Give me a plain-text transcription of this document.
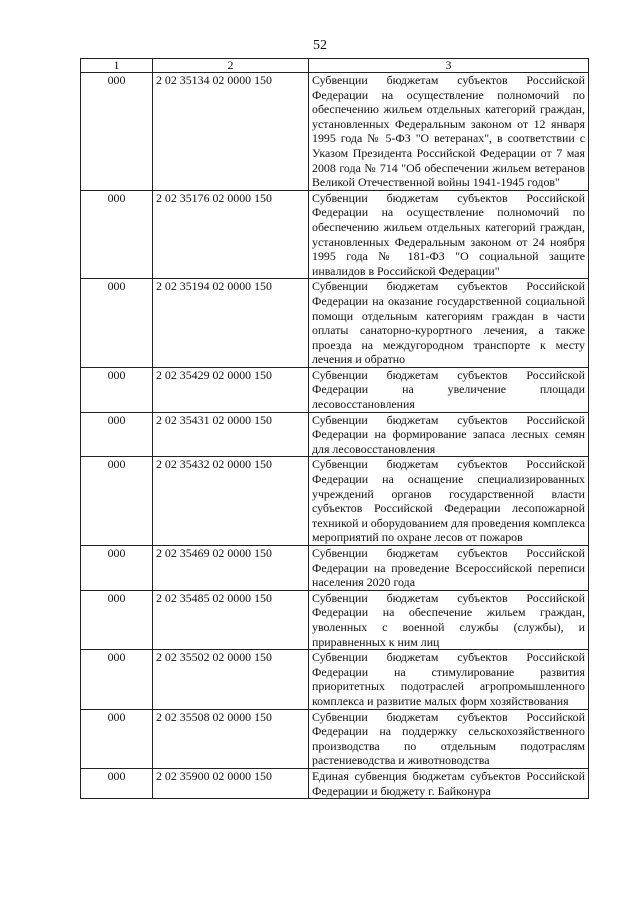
52
1	2	3
000	2 02 35134 02 0000 150	Субвенции бюджетам субъектов Российской Федерации на осуществление полномочий по обеспечению жильем отдельных категорий граждан, установленных Федеральным законом от 12 января 1995 года № 5-ФЗ "О ветеранах", в соответствии с Указом Президента Российской Федерации от 7 мая 2008 года № 714 "Об обеспечении жильем ветеранов Великой Отечественной войны 1941-1945 годов"
000	2 02 35176 02 0000 150	Субвенции бюджетам субъектов Российской Федерации на осуществление полномочий по обеспечению жильем отдельных категорий граждан, установленных Федеральным законом от 24 ноября 1995 года № 181-ФЗ "О социальной защите инвалидов в Российской Федерации"
000	2 02 35194 02 0000 150	Субвенции бюджетам субъектов Российской Федерации на оказание государственной социальной помощи отдельным категориям граждан в части оплаты санаторно-курортного лечения, а также проезда на междугородном транспорте к месту лечения и обратно
000	2 02 35429 02 0000 150	Субвенции бюджетам субъектов Российской Федерации на увеличение площади лесовосстановления
000	2 02 35431 02 0000 150	Субвенции бюджетам субъектов Российской Федерации на формирование запаса лесных семян для лесовосстановления
000	2 02 35432 02 0000 150	Субвенции бюджетам субъектов Российской Федерации на оснащение специализированных учреждений органов государственной власти субъектов Российской Федерации лесопожарной техникой и оборудованием для проведения комплекса мероприятий по охране лесов от пожаров
000	2 02 35469 02 0000 150	Субвенции бюджетам субъектов Российской Федерации на проведение Всероссийской переписи населения 2020 года
000	2 02 35485 02 0000 150	Субвенции бюджетам субъектов Российской Федерации на обеспечение жильем граждан, уволенных с военной службы (службы), и приравненных к ним лиц
000	2 02 35502 02 0000 150	Субвенции бюджетам субъектов Российской Федерации на стимулирование развития приоритетных подотраслей агропромышленного комплекса и развитие малых форм хозяйствования
000	2 02 35508 02 0000 150	Субвенции бюджетам субъектов Российской Федерации на поддержку сельскохозяйственного производства по отдельным подотраслям растениеводства и животноводства
000	2 02 35900 02 0000 150	Единая субвенция бюджетам субъектов Российской Федерации и бюджету г. Байконура
